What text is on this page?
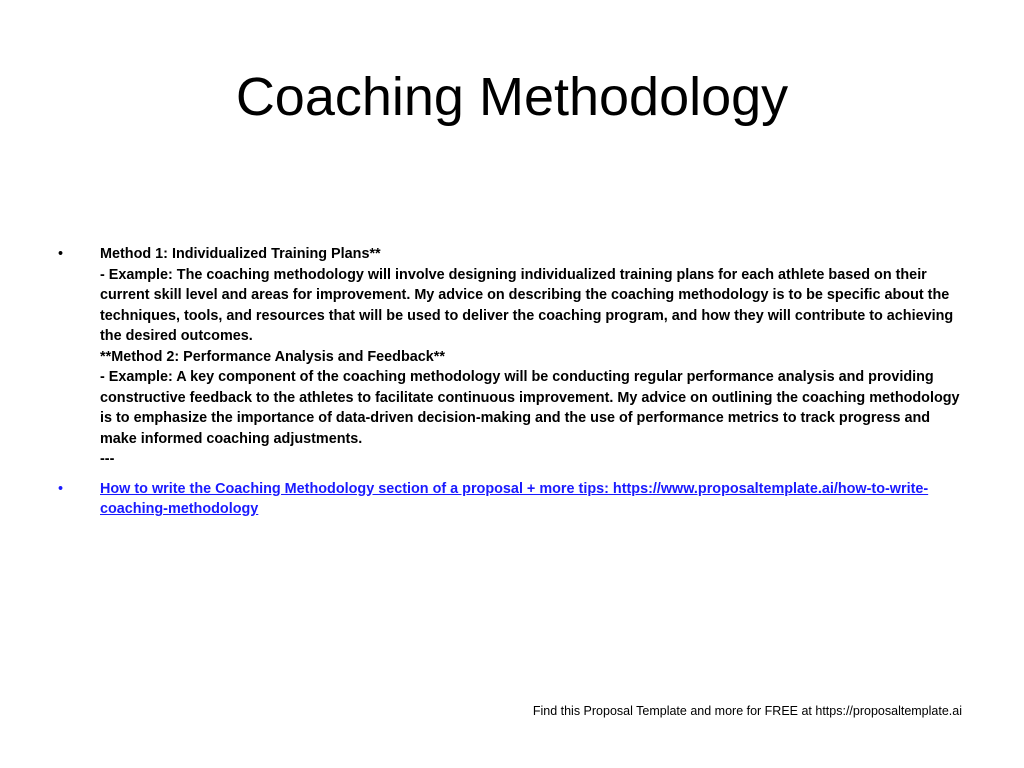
Coaching Methodology
•	Method 1: Individualized Training Plans**
- Example: The coaching methodology will involve designing individualized training plans for each athlete based on their current skill level and areas for improvement. My advice on describing the coaching methodology is to be specific about the techniques, tools, and resources that will be used to deliver the coaching program, and how they will contribute to achieving the desired outcomes.
**Method 2: Performance Analysis and Feedback**
- Example: A key component of the coaching methodology will be conducting regular performance analysis and providing constructive feedback to the athletes to facilitate continuous improvement. My advice on outlining the coaching methodology is to emphasize the importance of data-driven decision-making and the use of performance metrics to track progress and make informed coaching adjustments.
---
•	How to write the Coaching Methodology section of a proposal + more tips: https://www.proposaltemplate.ai/how-to-write-coaching-methodology
Find this Proposal Template and more for FREE at https://proposaltemplate.ai
